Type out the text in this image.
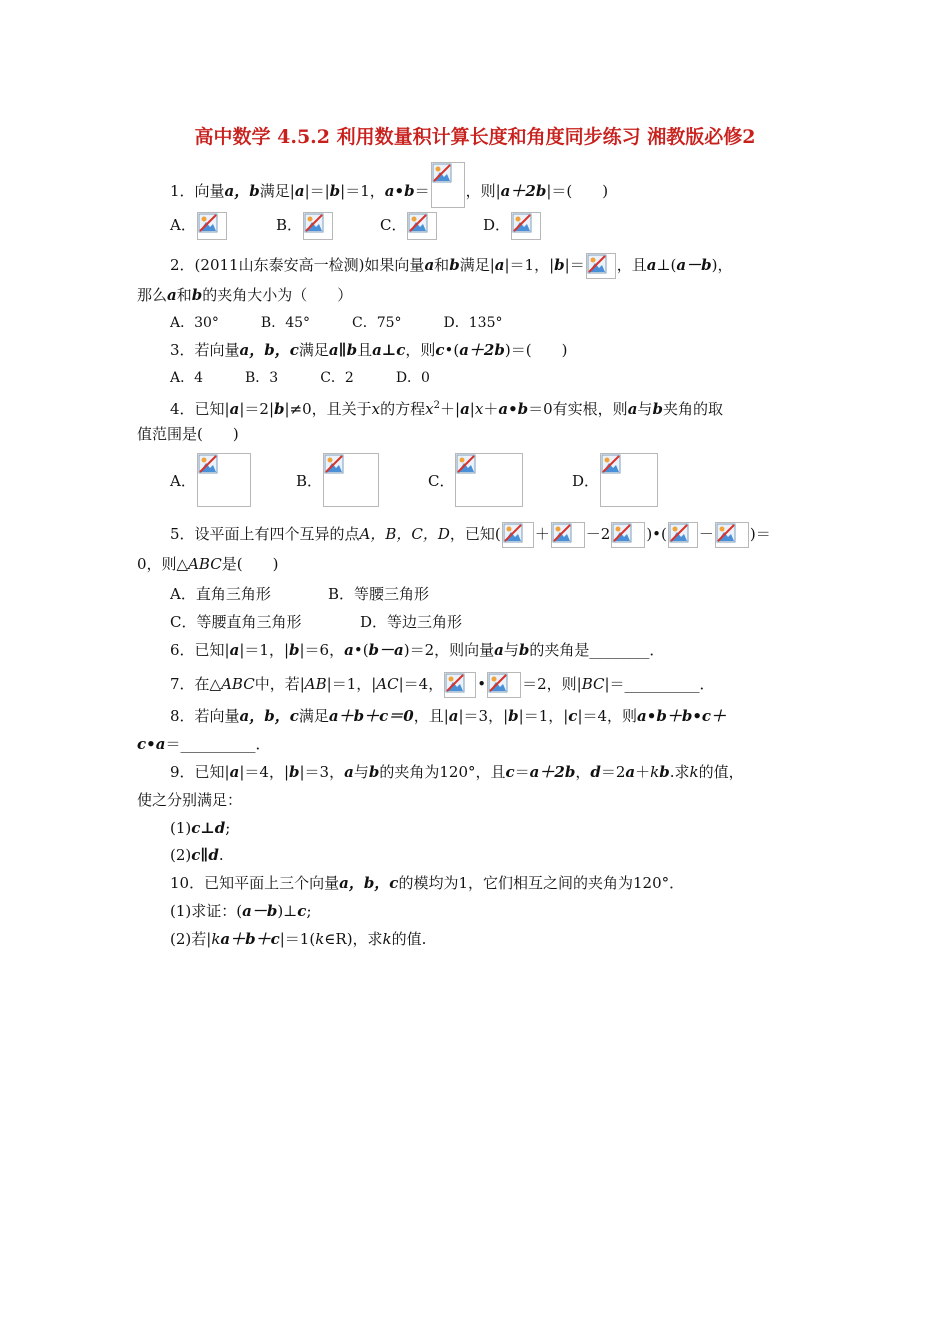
高中数学 4.5.2 利用数量积计算长度和角度同步练习 湘教版必修2
1．向量a，b满足|a|＝|b|＝1，a•b＝ ，则|a＋2b|＝(　　)
A．	B．	C．	D．
2．(2011山东泰安高一检测)如果向量a和b满足|a|＝1，|b|＝ ，且a⊥(a－b)，
那么a和b的夹角大小为（　　）
A．30°　　　B．45°　　　C．75°　　　D．135°
3．若向量a，b，c满足a∥b且a⊥c，则c•(a＋2b)＝(　　)
A．4　　　B．3　　　C．2　　　D．0
4．已知|a|＝2|b|≠0，且关于x的方程$x^2+|a|x+a•b=0$有实根，则a与b夹角的取
值范围是(　　)
A．	B．	C．	D．
5．设平面上有四个互异的点A，B，C，D，已知( ＋ －2 )•( － )＝
0，则△ABC是(　　)
A．直角三角形	B．等腰三角形
C．等腰直角三角形	D．等边三角形
6．已知|a|＝1，|b|＝6，a•(b－a)＝2，则向量a与b的夹角是________．
7．在△ABC中，若|AB|＝1，|AC|＝4， • ＝2，则|BC|＝__________．
8．若向量a，b，c满足a＋b＋c＝0，且|a|＝3，|b|＝1，|c|＝4，则a•b＋b•c＋
c•a＝__________．
9．已知|a|＝4，|b|＝3，a与b的夹角为120°，且c＝a＋2b，d＝2a＋kb.求k的值，
使之分别满足：
(1)c⊥d;
(2)c∥d.
10．已知平面上三个向量a，b，c的模均为1，它们相互之间的夹角为120°．
(1)求证：(a－b)⊥c;
(2)若|ka＋b＋c|＝1(k∈R)，求k的值.
